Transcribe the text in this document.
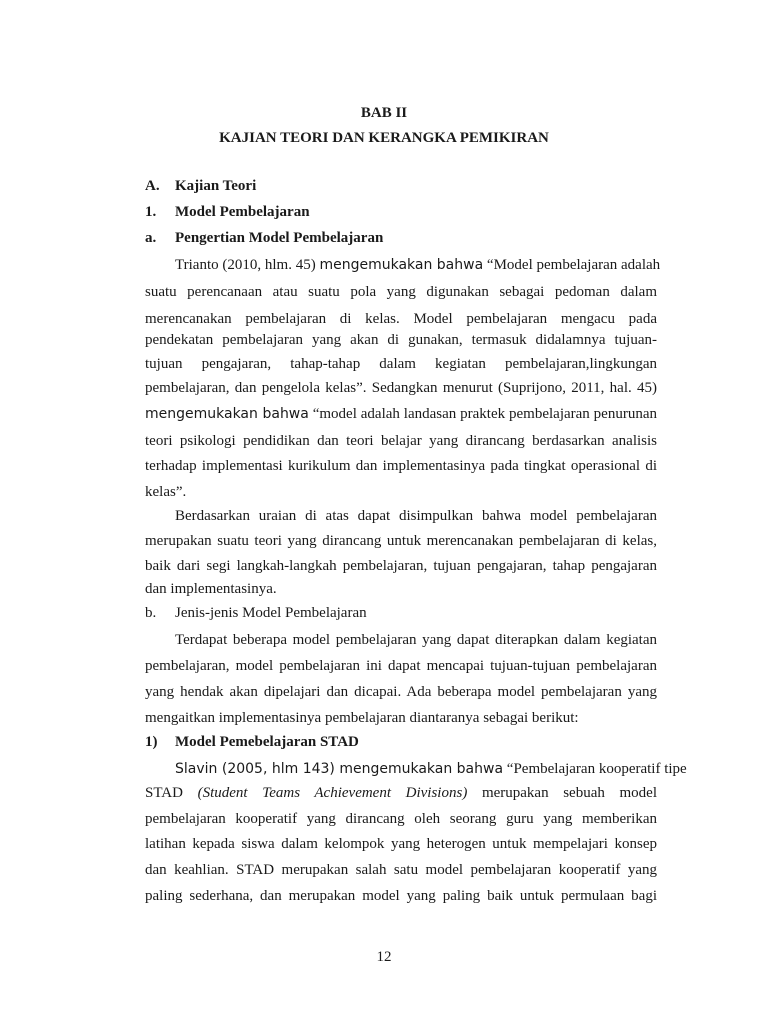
BAB II
KAJIAN TEORI DAN KERANGKA PEMIKIRAN
A. Kajian Teori
1. Model Pembelajaran
a. Pengertian Model Pembelajaran
Trianto (2010, hlm. 45) mengemukakan bahwa “Model pembelajaran adalah
suatu perencanaan atau suatu pola yang digunakan sebagai pedoman dalam
merencanakan pembelajaran di kelas. Model pembelajaran mengacu pada
pendekatan pembelajaran yang akan di gunakan, termasuk didalamnya tujuan-
tujuan pengajaran, tahap-tahap dalam kegiatan pembelajaran,lingkungan
pembelajaran, dan pengelola kelas”. Sedangkan menurut (Suprijono, 2011, hal. 45)
mengemukakan bahwa “model adalah landasan praktek pembelajaran penurunan
teori psikologi pendidikan dan teori belajar yang dirancang berdasarkan analisis
terhadap implementasi kurikulum dan implementasinya pada tingkat operasional di
kelas”.
Berdasarkan uraian di atas dapat disimpulkan bahwa model pembelajaran
merupakan suatu teori yang dirancang untuk merencanakan pembelajaran di kelas,
baik dari segi langkah-langkah pembelajaran, tujuan pengajaran, tahap pengajaran
dan implementasinya.
b. Jenis-jenis Model Pembelajaran
Terdapat beberapa model pembelajaran yang dapat diterapkan dalam kegiatan
pembelajaran, model pembelajaran ini dapat mencapai tujuan-tujuan pembelajaran
yang hendak akan dipelajari dan dicapai. Ada beberapa model pembelajaran yang
mengaitkan implementasinya pembelajaran diantaranya sebagai berikut:
1) Model Pemebelajaran STAD
Slavin (2005, hlm 143) mengemukakan bahwa “Pembelajaran kooperatif tipe
STAD (Student Teams Achievement Divisions) merupakan sebuah model
pembelajaran kooperatif yang dirancang oleh seorang guru yang memberikan
latihan kepada siswa dalam kelompok yang heterogen untuk mempelajari konsep
dan keahlian. STAD merupakan salah satu model pembelajaran kooperatif yang
paling sederhana, dan merupakan model yang paling baik untuk permulaan bagi
12
